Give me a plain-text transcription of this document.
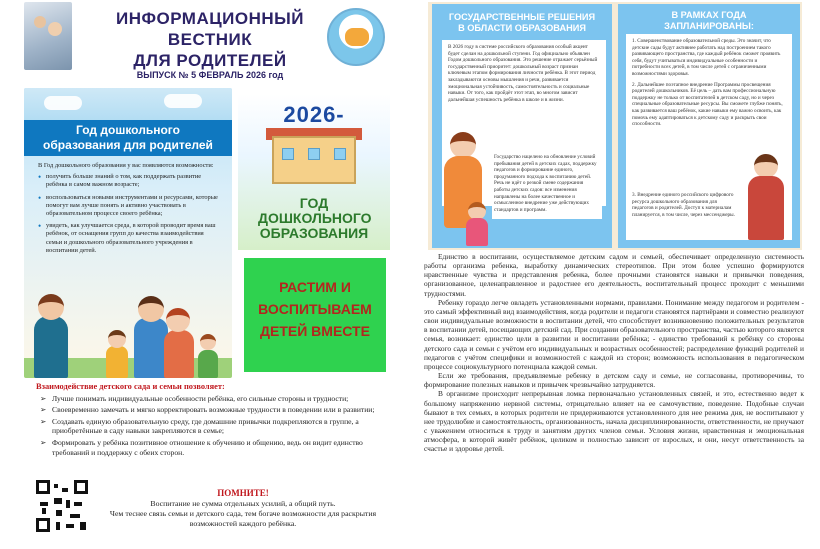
ИНФОРМАЦИОННЫЙ
ВЕСТНИК
ДЛЯ РОДИТЕЛЕЙ
ВЫПУСК № 5 ФЕВРАЛЬ 2026 год
Год дошкольного
образования для родителей

В Год дошкольного образования у вас появляются возможности:

• получить больше знаний о том, как поддержать развитие ребёнка в самом важном возрасте;
• воспользоваться новыми инструментами и ресурсами, которые помогут вам лучше понять и активно участвовать в образовательном процессе своего ребёнка;
• увидеть, как улучшается среда, в которой проводит время ваш ребёнок, от оснащения групп до качества взаимодействия семьи и дошкольного образовательного учреждения в воспитании детей.
2026-
ГОД
ДОШКОЛЬНОГО
ОБРАЗОВАНИЯ
РАСТИМ И
ВОСПИТЫВАЕМ
ДЕТЕЙ ВМЕСТЕ
Взаимодействие детского сада и семьи позволяет:
➢ Лучше понимать индивидуальные особенности ребёнка, его сильные стороны и трудности;
➢ Своевременно замечать и мягко корректировать возможные трудности в поведении или в развитии;
➢ Создавать единую образовательную среду, где домашние привычки подкрепляются в группе, а приобретённые в саду навыки закрепляются в семье;
➢ Формировать у ребёнка позитивное отношение к обучению и общению, ведь он видит единство требований и поддержку с обеих сторон.
ПОМНИТЕ!
Воспитание не сумма отдельных усилий, а общий путь.
Чем теснее связь семьи и детского сада, тем богаче возможности для раскрытия возможностей каждого ребёнка.
ГОСУДАРСТВЕННЫЕ РЕШЕНИЯ
В ОБЛАСТИ ОБРАЗОВАНИЯ

В 2026 году в системе российского образования особый акцент будет сделан на дошкольной ступени. Год официально объявлен Годом дошкольного образования. Это решение отражает серьёзный государственный приоритет: дошкольный возраст признан ключевым этапом формирования личности ребёнка. В этот период закладываются основы мышления и речи, развивается эмоциональная устойчивость, самостоятельность и социальные навыки. От того, как пройдёт этот этап, во многом зависит дальнейшая успешность ребёнка в школе и в жизни.

Государство нацелено на обновление условий пребывания детей в детских садах, поддержку педагогов и формирование единого, продуманного подхода к воспитанию детей. Речь не идёт о резкой смене содержания работы детских садов: все изменения направлены на более качественное и осмысленное внедрение уже действующих стандартов и программ.

В РАМКАХ ГОДА
ЗАПЛАНИРОВАНЫ:

1. Совершенствование образовательной среды. Это значит, что детские сады будут активнее работать над построением такого развивающего пространства, где каждый ребёнок сможет проявить себя, будут учитываться индивидуальные особенности и потребности всех детей, в том числе детей с ограниченными возможностями здоровья.

2. Дальнейшее поэтапное внедрение Программы просвещения родителей дошкольников. Её цель – дать вам профессиональную поддержку не только от воспитателей в детском саду, но и через специальные образовательные ресурсы. Вы сможете глубже понять, как развивается ваш ребёнок, какие навыки ему важно освоить, как помочь ему адаптироваться к детскому саду и раскрыть свои способности.

3. Внедрение единого российского цифрового ресурса дошкольного образования для педагогов и родителей. Доступ к материалам планируется, в том числе, через мессенджеры.

Единство в воспитании, осуществляемое детским садом и семьей, обеспечивает определенную системность работы организма ребенка, выработку динамических стереотипов. При этом более успешно формируются нравственные чувства и представления ребенка, более прочными становятся навыки и привычки поведения, организованное, целенаправленное и радостнее его деятельность, воспитательный процесс проходит с меньшими трудностями.

Ребенку гораздо легче овладеть установленными нормами, правилами. Понимание между педагогом и родителем - это самый эффективный вид взаимодействия, когда родители и педагоги становятся партнёрами и совместно реализуют свои индивидуальные возможности в воспитании детей, что способствует возникновению положительных результатов в воспитании детей, посещающих детский сад. При создании образовательного пространства, частью которого является семья, возникает: единство цели в развитии и воспитании ребёнка; - единство требований к ребёнку со стороны детского сада и семьи с учётом его индивидуальных и возрастных особенностей; распределение функций родителей и педагогов с учётом специфики и возможностей с каждой из сторон; возможность использования в педагогическом процессе социокультурного потенциала каждой семьи.

Если же требования, предъявляемые ребенку в детском саду и семье, не согласованы, противоречивы, то формирование полезных навыков и привычек чрезвычайно затрудняется.

В организме происходит непрерывная ломка первоначально установленных связей, и это, естественно ведет к большому напряжению нервной системы, отрицательно влияет на ее самочувствие, поведение. Подобные случаи бывают в тех семьях, в которых родители не придерживаются установленного для нее режима дня, не воспитывают у нее трудолюбие и самостоятельность, организованность, начала дисциплинированности, ответственности, не приучают с уважением относиться к труду и занятиям других членов семьи. Условия жизни, нравственная и эмоциональная атмосфера, в которой живёт ребёнок, целиком и полностью зависит от взрослых, и они, несут ответственность за счастье и здоровье детей.
